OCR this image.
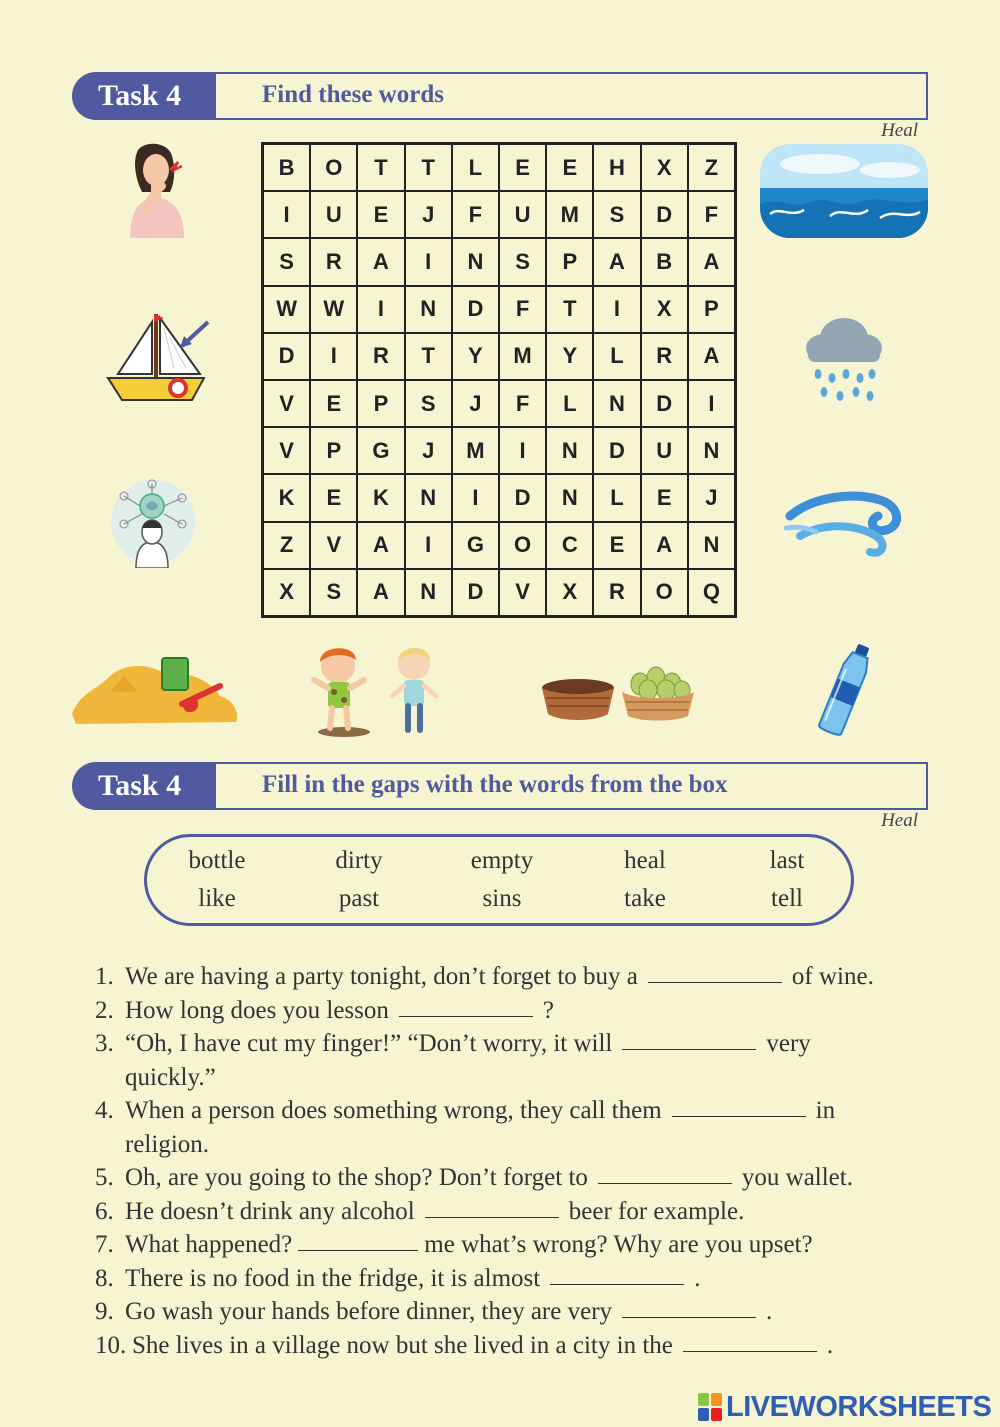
Task 4	Find these words
Heal
B	O	T	T	L	E	E	H	X	Z
I	U	E	J	F	U	M	S	D	F
S	R	A	I	N	S	P	A	B	A
W	W	I	N	D	F	T	I	X	P
D	I	R	T	Y	M	Y	L	R	A
V	E	P	S	J	F	L	N	D	I
V	P	G	J	M	I	N	D	U	N
K	E	K	N	I	D	N	L	E	J
Z	V	A	I	G	O	C	E	A	N
X	S	A	N	D	V	X	R	O	Q
Task 4	Fill in the gaps with the words from the box
Heal
bottle	dirty	empty	heal	last
like	past	sins	take	tell
1. We are having a party tonight, don’t forget to buy a	of wine.
2. How long does you lesson	?
3. “Oh, I have cut my finger!” “Don’t worry, it will	very
quickly.”
4. When a person does something wrong, they call them	in
religion.
5. Oh, are you going to the shop? Don’t forget to	you wallet.
6. He doesn’t drink any alcohol	beer for example.
7. What happened?	me what’s wrong? Why are you upset?
8. There is no food in the fridge, it is almost	.
9. Go wash your hands before dinner, they are very	.
10. She lives in a village now but she lived in a city in the	.
LIVEWORKSHEETS
